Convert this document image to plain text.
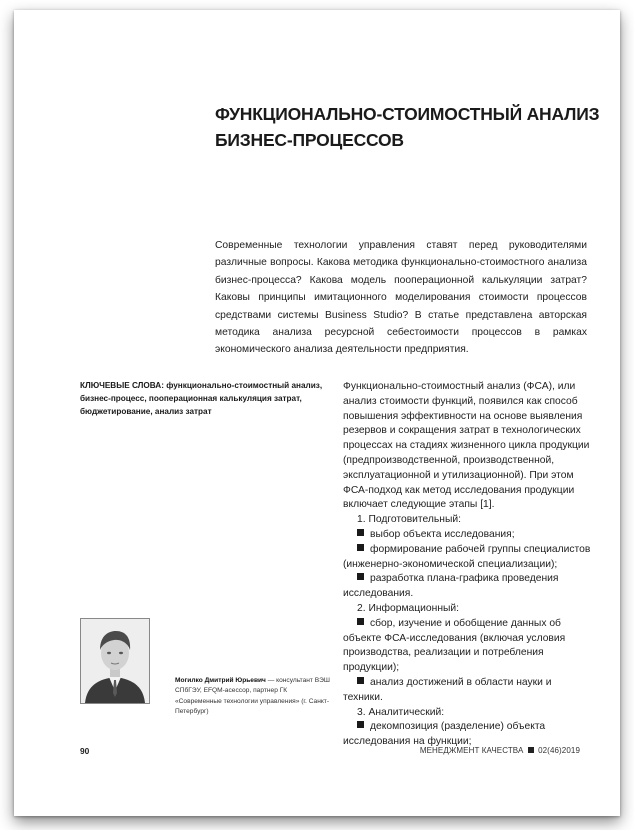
ФУНКЦИОНАЛЬНО-СТОИМОСТНЫЙ АНАЛИЗ БИЗНЕС-ПРОЦЕССОВ

Современные технологии управления ставят перед руководителями различные вопросы. Какова методика функционально-стоимостного анализа бизнес-процесса? Какова модель пооперационной калькуляции затрат? Каковы принципы имитационного моделирования стоимости процессов средствами системы Business Studio? В статье представлена авторская методика анализа ресурсной себестоимости процессов в рамках экономического анализа деятельности предприятия.

КЛЮЧЕВЫЕ СЛОВА: функционально-стоимостный анализ, бизнес-процесс, пооперационная калькуляция затрат, бюджетирование, анализ затрат

Могилко Дмитрий Юрьевич — консультант ВЭШ СПбГЭУ, EFQM-асессор, партнер ГК «Современные технологии управления» (г. Санкт-Петербург)

Функционально-стоимостный анализ (ФСА), или анализ стоимости функций, появился как способ повышения эффективности на основе выявления резервов и сокращения затрат в технологических процессах на стадиях жизненного цикла продукции (предпроизводственной, производственной, эксплуатационной и утилизационной). При этом ФСА-подход как метод исследования продукции включает следующие этапы [1].

1. Подготовительный:

выбор объекта исследования;

формирование рабочей группы специалистов (инженерно-экономической специализации);

разработка плана-графика проведения исследования.

2. Информационный:

сбор, изучение и обобщение данных об объекте ФСА-исследования (включая условия производства, реализации и потребления продукции);

анализ достижений в области науки и техники.

3. Аналитический:

декомпозиция (разделение) объекта исследования на функции;

90	МЕНЕДЖМЕНТ КАЧЕСТВА 02(46)2019
